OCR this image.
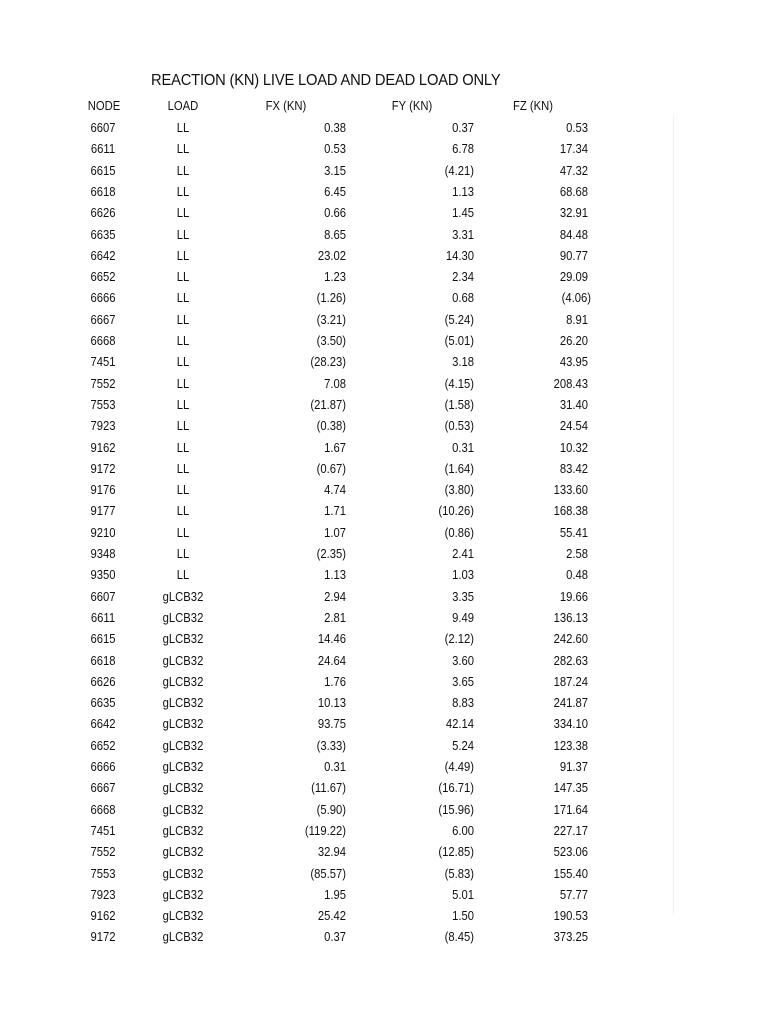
REACTION (KN) LIVE LOAD AND DEAD LOAD ONLY
NODE	LOAD	FX (KN)	FY (KN)	FZ (KN)
6607	LL	0.38	0.37	0.53
6611	LL	0.53	6.78	17.34
6615	LL	3.15	(4.21)	47.32
6618	LL	6.45	1.13	68.68
6626	LL	0.66	1.45	32.91
6635	LL	8.65	3.31	84.48
6642	LL	23.02	14.30	90.77
6652	LL	1.23	2.34	29.09
6666	LL	(1.26)	0.68	(4.06)
6667	LL	(3.21)	(5.24)	8.91
6668	LL	(3.50)	(5.01)	26.20
7451	LL	(28.23)	3.18	43.95
7552	LL	7.08	(4.15)	208.43
7553	LL	(21.87)	(1.58)	31.40
7923	LL	(0.38)	(0.53)	24.54
9162	LL	1.67	0.31	10.32
9172	LL	(0.67)	(1.64)	83.42
9176	LL	4.74	(3.80)	133.60
9177	LL	1.71	(10.26)	168.38
9210	LL	1.07	(0.86)	55.41
9348	LL	(2.35)	2.41	2.58
9350	LL	1.13	1.03	0.48
6607	gLCB32	2.94	3.35	19.66
6611	gLCB32	2.81	9.49	136.13
6615	gLCB32	14.46	(2.12)	242.60
6618	gLCB32	24.64	3.60	282.63
6626	gLCB32	1.76	3.65	187.24
6635	gLCB32	10.13	8.83	241.87
6642	gLCB32	93.75	42.14	334.10
6652	gLCB32	(3.33)	5.24	123.38
6666	gLCB32	0.31	(4.49)	91.37
6667	gLCB32	(11.67)	(16.71)	147.35
6668	gLCB32	(5.90)	(15.96)	171.64
7451	gLCB32	(119.22)	6.00	227.17
7552	gLCB32	32.94	(12.85)	523.06
7553	gLCB32	(85.57)	(5.83)	155.40
7923	gLCB32	1.95	5.01	57.77
9162	gLCB32	25.42	1.50	190.53
9172	gLCB32	0.37	(8.45)	373.25
